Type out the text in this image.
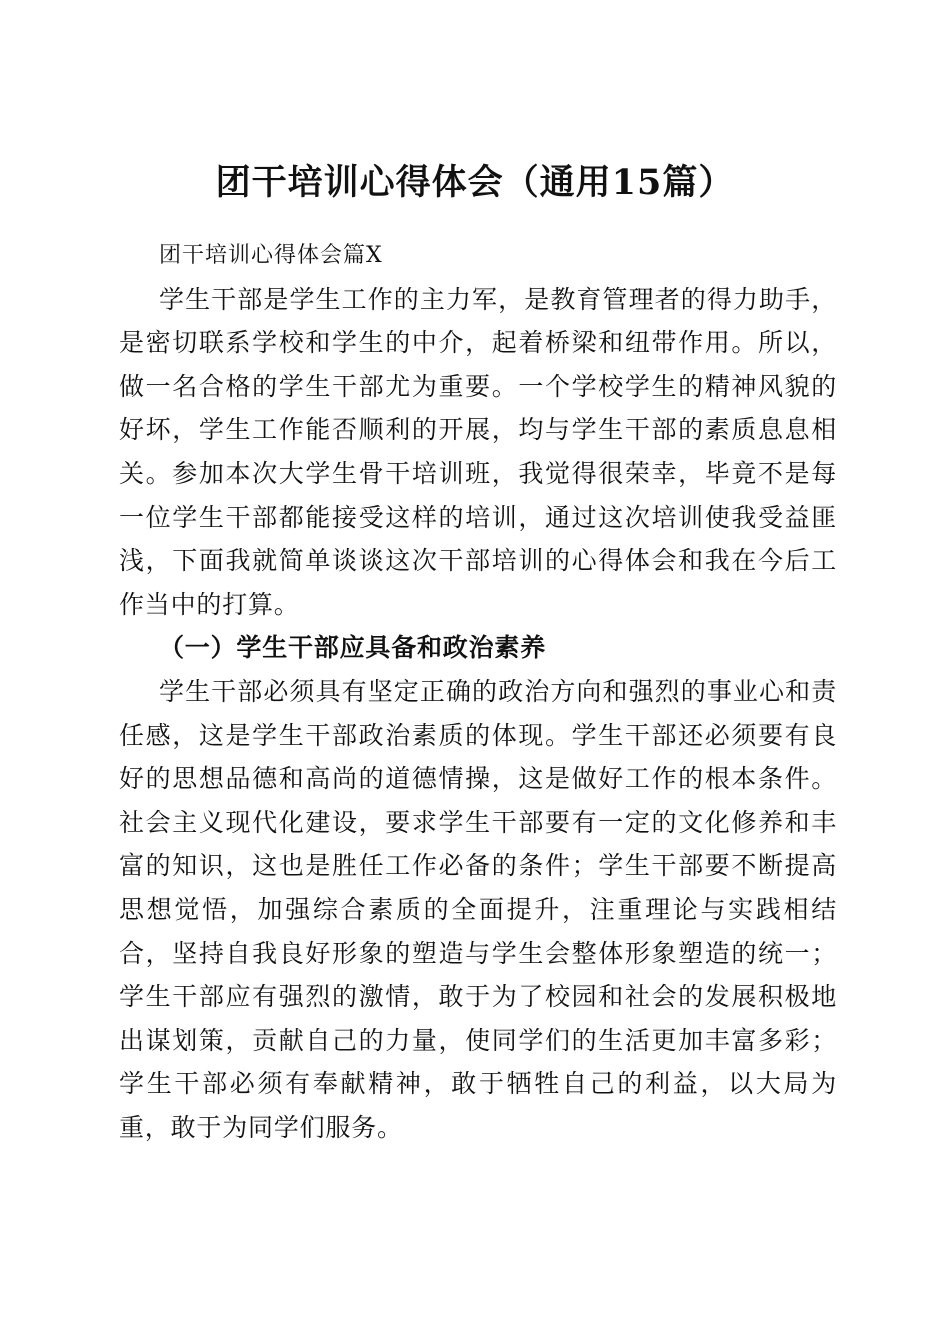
团干培训心得体会（通用15篇）

团干培训心得体会篇X

学生干部是学生工作的主力军，是教育管理者的得力助手，是密切联系学校和学生的中介，起着桥梁和纽带作用。所以，做一名合格的学生干部尤为重要。一个学校学生的精神风貌的好坏，学生工作能否顺利的开展，均与学生干部的素质息息相关。参加本次大学生骨干培训班，我觉得很荣幸，毕竟不是每一位学生干部都能接受这样的培训，通过这次培训使我受益匪浅，下面我就简单谈谈这次干部培训的心得体会和我在今后工作当中的打算。

（一）学生干部应具备和政治素养

学生干部必须具有坚定正确的政治方向和强烈的事业心和责任感，这是学生干部政治素质的体现。学生干部还必须要有良好的思想品德和高尚的道德情操，这是做好工作的根本条件。社会主义现代化建设，要求学生干部要有一定的文化修养和丰富的知识，这也是胜任工作必备的条件；学生干部要不断提高思想觉悟，加强综合素质的全面提升，注重理论与实践相结合，坚持自我良好形象的塑造与学生会整体形象塑造的统一；学生干部应有强烈的激情，敢于为了校园和社会的发展积极地出谋划策，贡献自己的力量，使同学们的生活更加丰富多彩；学生干部必须有奉献精神，敢于牺牲自己的利益，以大局为重，敢于为同学们服务。
